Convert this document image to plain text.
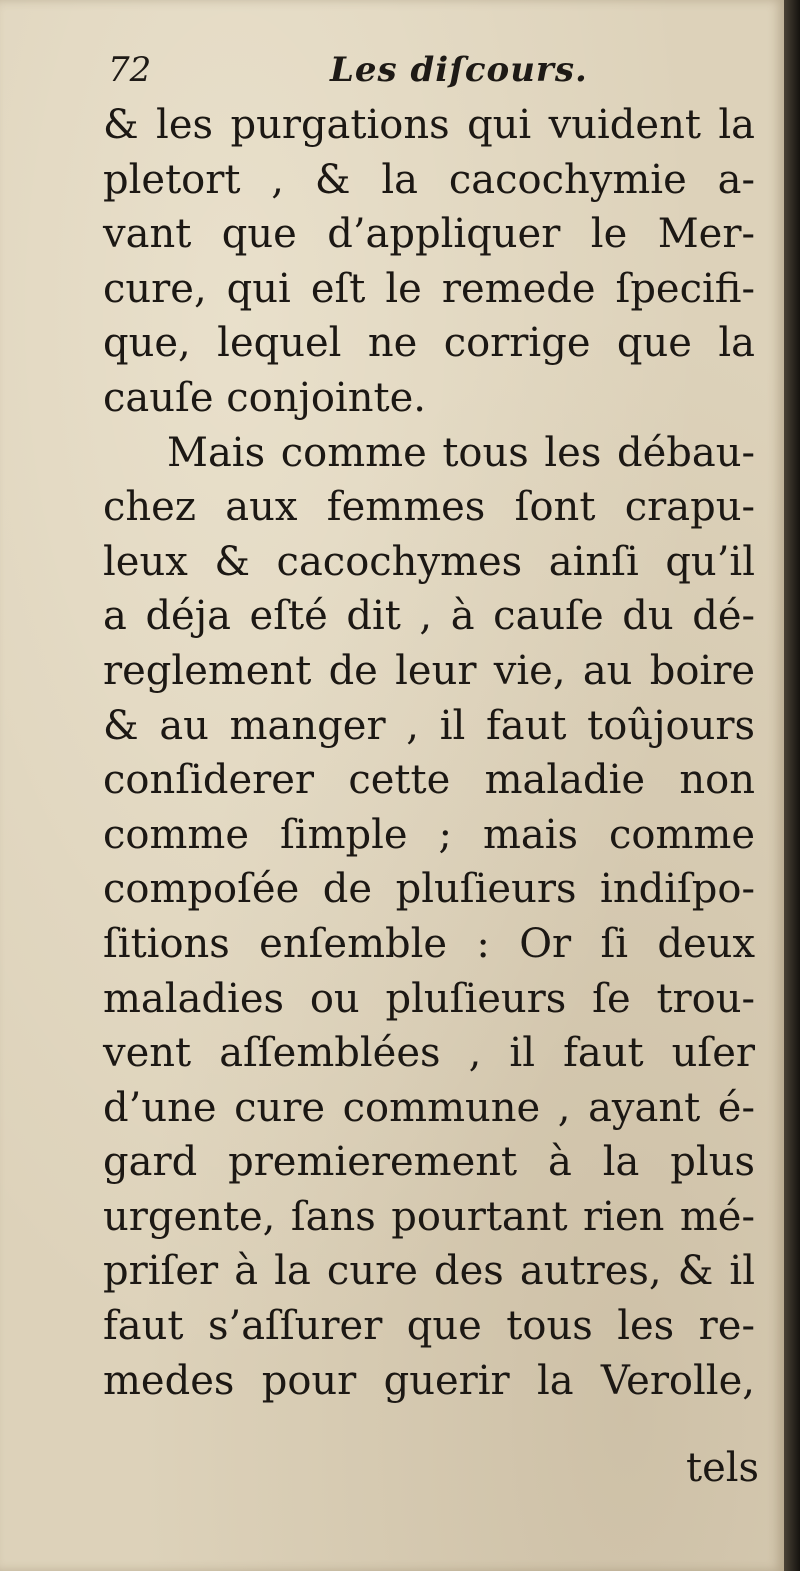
72	Les diſcours.
& les purgations qui vuident la
pletort , & la cacochymie a-
vant que d’appliquer le Mer-
cure, qui eſt le remede ſpecifi-
que, lequel ne corrige que la
cauſe conjointe.
Mais comme tous les débau-
chez aux femmes ſont crapu-
leux & cacochymes ainſi qu’il
a déja eſté dit , à cauſe du dé-
reglement de leur vie, au boire
& au manger , il faut toûjours
conſiderer cette maladie non
comme ſimple ; mais comme
compoſée de pluſieurs indiſpo-
ſitions enſemble : Or ſi deux
maladies ou pluſieurs ſe trou-
vent aſſemblées , il faut uſer
d’une cure commune , ayant é-
gard premierement à la plus
urgente, ſans pourtant rien mé-
priſer à la cure des autres, & il
faut s’aſſurer que tous les re-
medes pour guerir la Verolle,
tels
